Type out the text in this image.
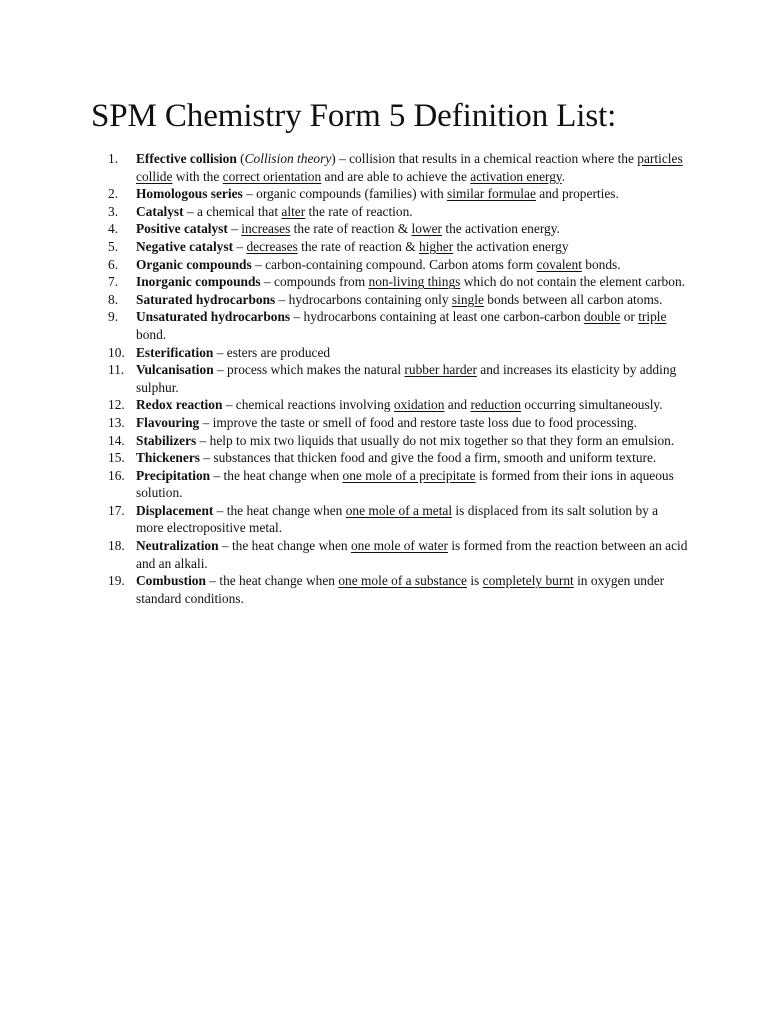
SPM Chemistry Form 5 Definition List:
1.	Effective collision (Collision theory) – collision that results in a chemical reaction where the particles collide with the correct orientation and are able to achieve the activation energy.
2.	Homologous series – organic compounds (families) with similar formulae and properties.
3.	Catalyst – a chemical that alter the rate of reaction.
4.	Positive catalyst – increases the rate of reaction & lower the activation energy.
5.	Negative catalyst – decreases the rate of reaction & higher the activation energy
6.	Organic compounds – carbon-containing compound. Carbon atoms form covalent bonds.
7.	Inorganic compounds – compounds from non-living things which do not contain the element carbon.
8.	Saturated hydrocarbons – hydrocarbons containing only single bonds between all carbon atoms.
9.	Unsaturated hydrocarbons – hydrocarbons containing at least one carbon-carbon double or triple bond.
10. Esterification – esters are produced
11. Vulcanisation – process which makes the natural rubber harder and increases its elasticity by adding sulphur.
12. Redox reaction – chemical reactions involving oxidation and reduction occurring simultaneously.
13. Flavouring – improve the taste or smell of food and restore taste loss due to food processing.
14. Stabilizers – help to mix two liquids that usually do not mix together so that they form an emulsion.
15. Thickeners – substances that thicken food and give the food a firm, smooth and uniform texture.
16. Precipitation – the heat change when one mole of a precipitate is formed from their ions in aqueous solution.
17. Displacement – the heat change when one mole of a metal is displaced from its salt solution by a more electropositive metal.
18. Neutralization – the heat change when one mole of water is formed from the reaction between an acid and an alkali.
19. Combustion – the heat change when one mole of a substance is completely burnt in oxygen under standard conditions.
